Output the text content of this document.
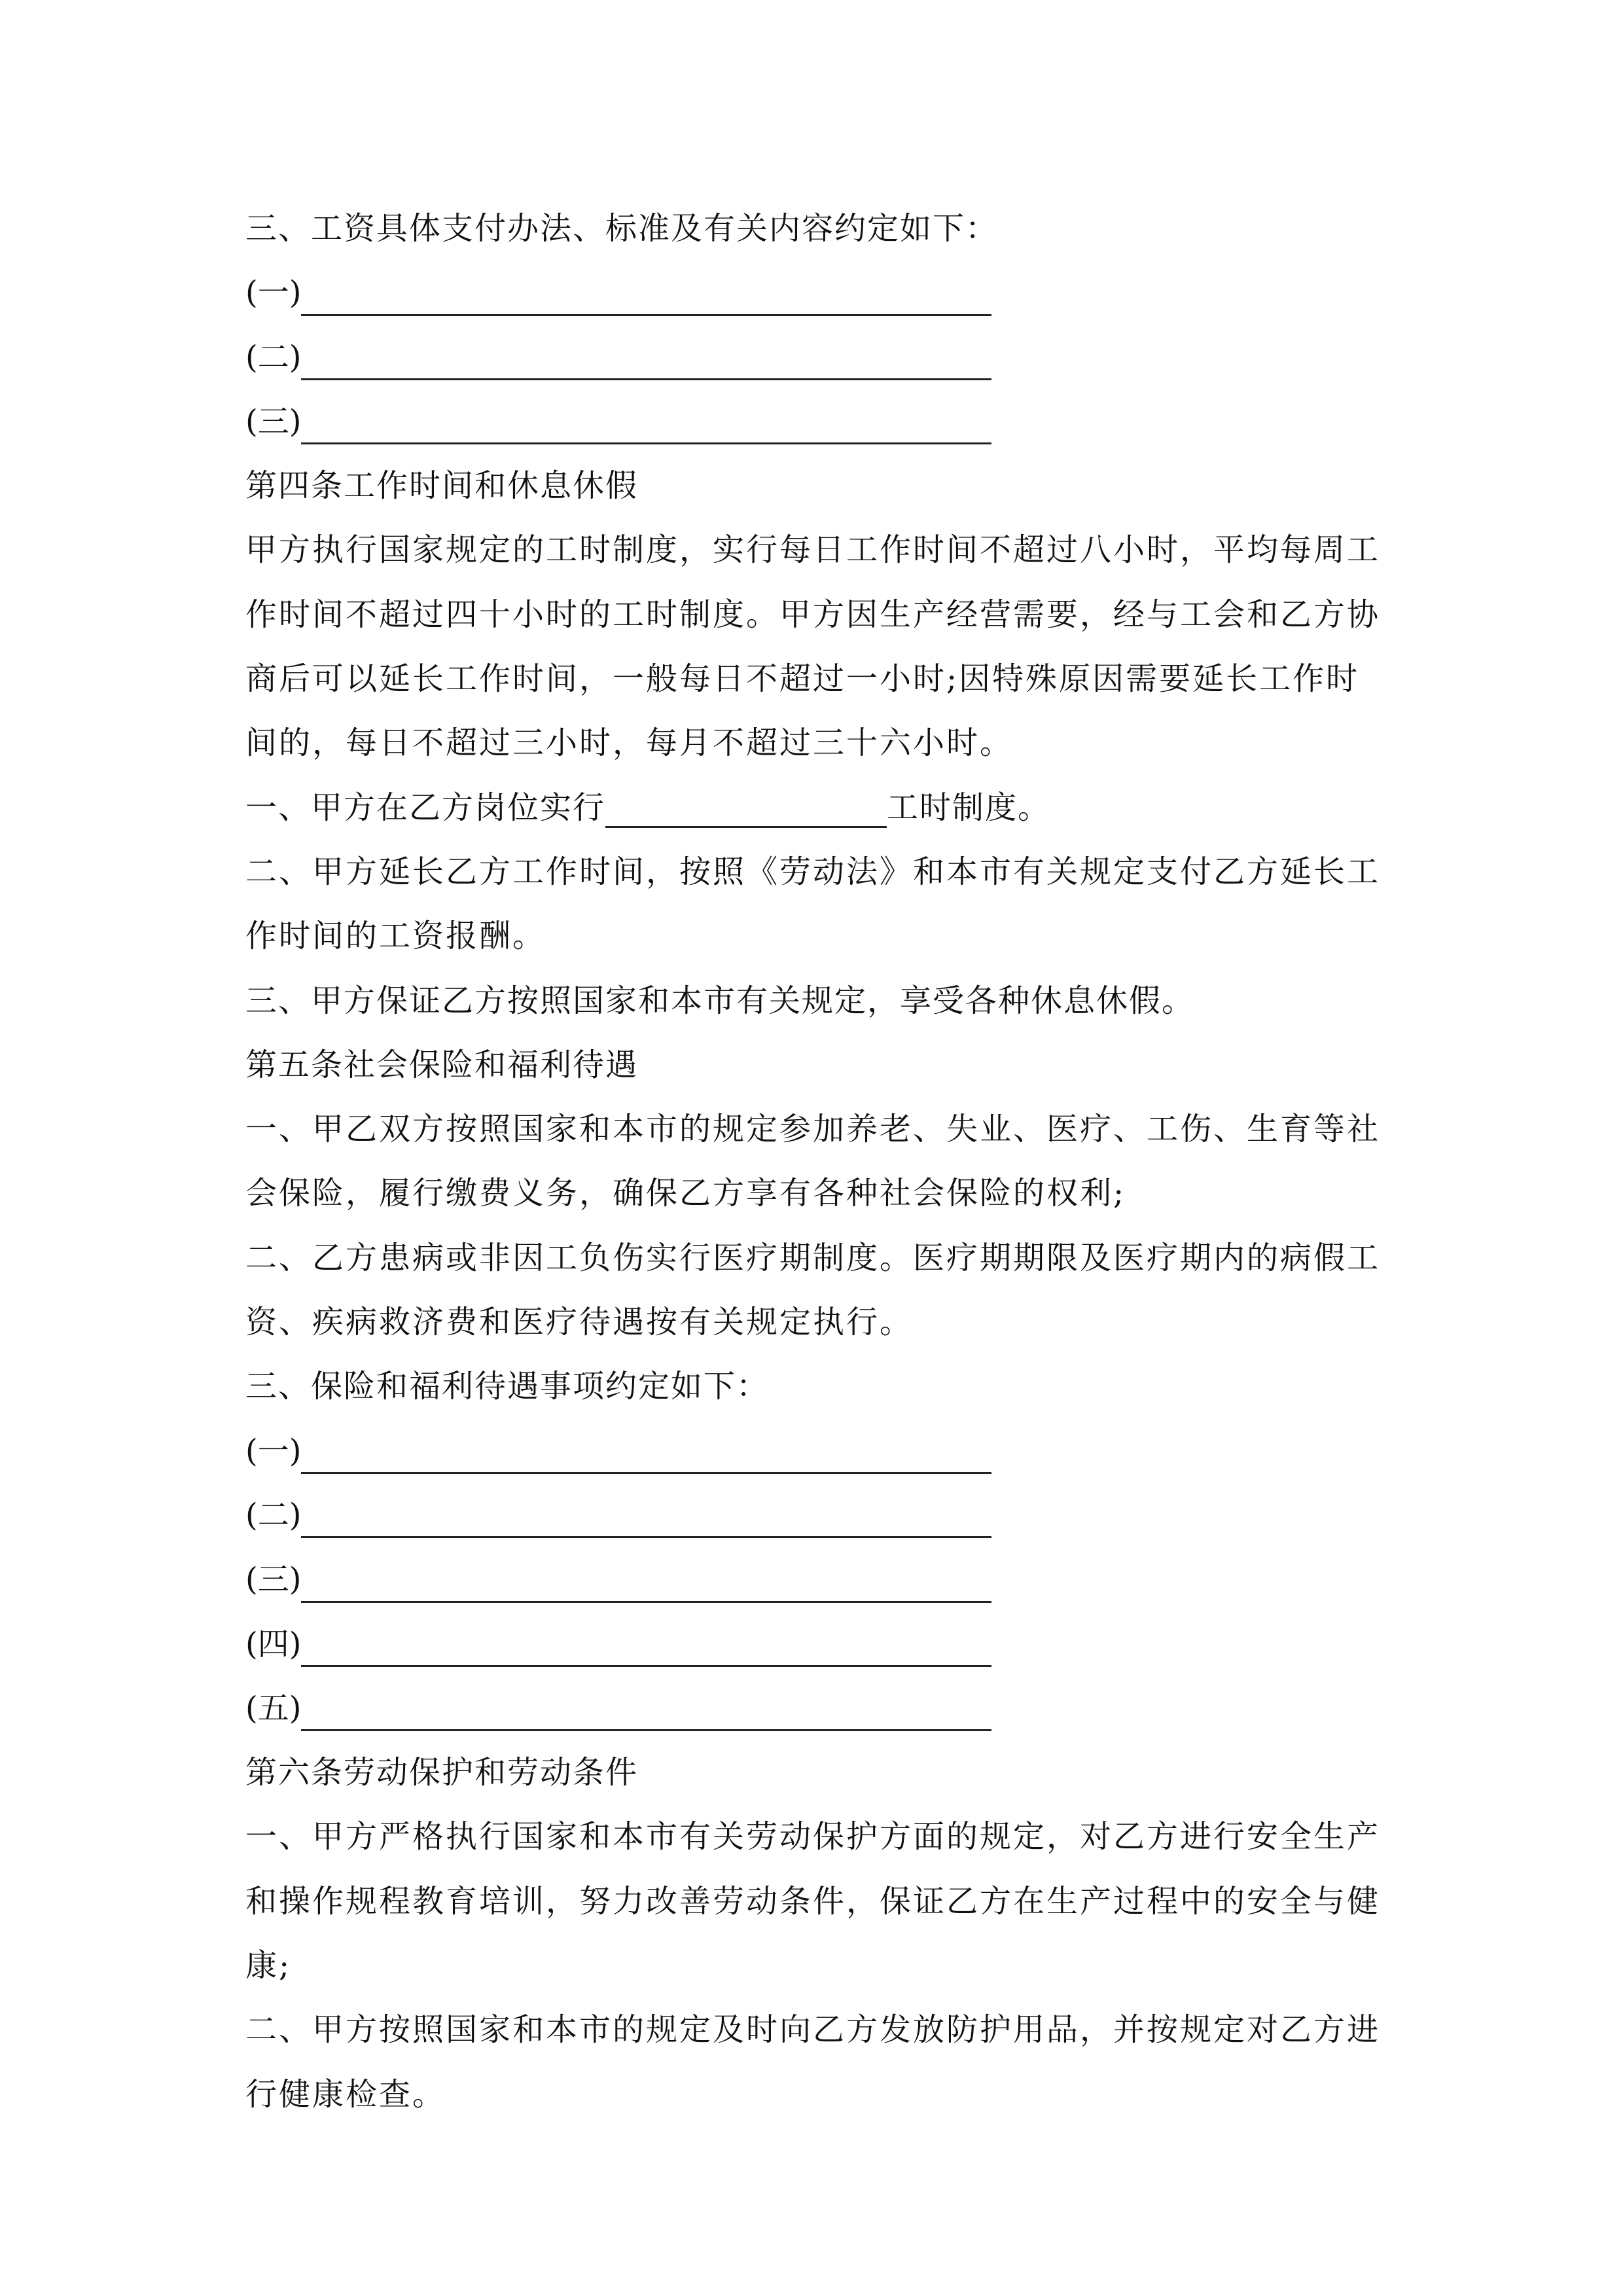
三、工资具体支付办法、标准及有关内容约定如下：
(一)
(二)
(三)
第四条工作时间和休息休假
甲方执行国家规定的工时制度，实行每日工作时间不超过八小时，平均每周工作时间不超过四十小时的工时制度。甲方因生产经营需要，经与工会和乙方协商后可以延长工作时间，一般每日不超过一小时;因特殊原因需要延长工作时间的，每日不超过三小时，每月不超过三十六小时。
一、甲方在乙方岗位实行	工时制度。
二、甲方延长乙方工作时间，按照《劳动法》和本市有关规定支付乙方延长工作时间的工资报酬。
三、甲方保证乙方按照国家和本市有关规定，享受各种休息休假。
第五条社会保险和福利待遇
一、甲乙双方按照国家和本市的规定参加养老、失业、医疗、工伤、生育等社会保险，履行缴费义务，确保乙方享有各种社会保险的权利;
二、乙方患病或非因工负伤实行医疗期制度。医疗期期限及医疗期内的病假工资、疾病救济费和医疗待遇按有关规定执行。
三、保险和福利待遇事项约定如下：
(一)
(二)
(三)
(四)
(五)
第六条劳动保护和劳动条件
一、甲方严格执行国家和本市有关劳动保护方面的规定，对乙方进行安全生产和操作规程教育培训，努力改善劳动条件，保证乙方在生产过程中的安全与健康;
二、甲方按照国家和本市的规定及时向乙方发放防护用品，并按规定对乙方进行健康检查。
